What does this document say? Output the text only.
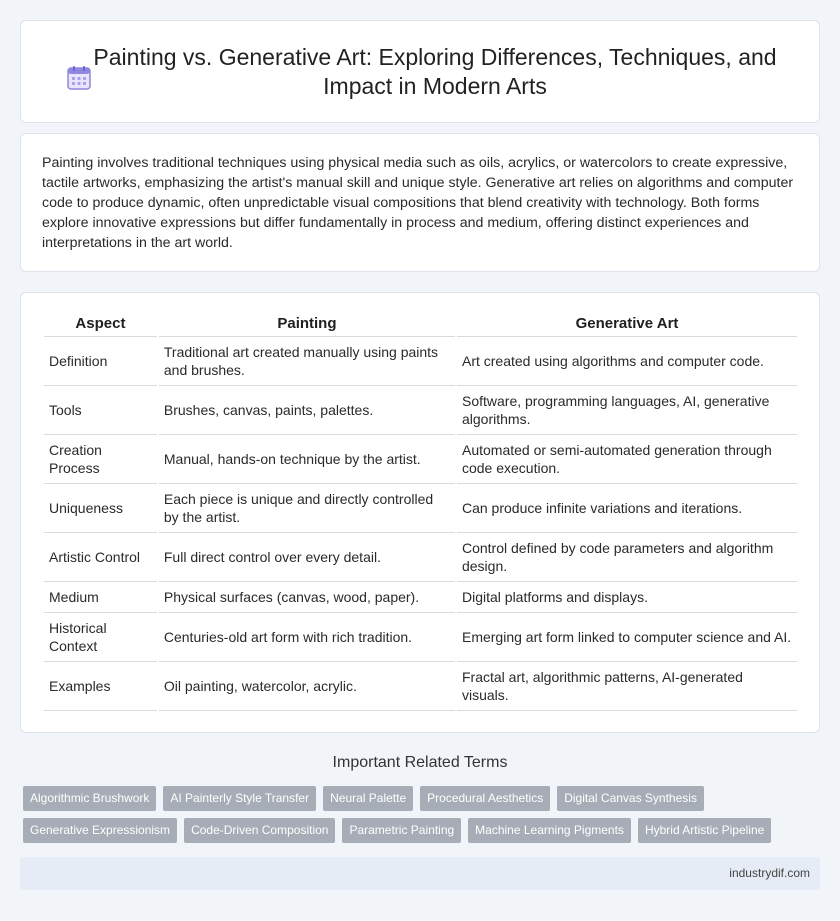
Painting vs. Generative Art: Exploring Differences, Techniques, and Impact in Modern Arts

Painting involves traditional techniques using physical media such as oils, acrylics, or watercolors to create expressive, tactile artworks, emphasizing the artist's manual skill and unique style. Generative art relies on algorithms and computer code to produce dynamic, often unpredictable visual compositions that blend creativity with technology. Both forms explore innovative expressions but differ fundamentally in process and medium, offering distinct experiences and interpretations in the art world.

Aspect	Painting	Generative Art
Definition	Traditional art created manually using paints and brushes.	Art created using algorithms and computer code.
Tools	Brushes, canvas, paints, palettes.	Software, programming languages, AI, generative algorithms.
Creation Process	Manual, hands-on technique by the artist.	Automated or semi-automated generation through code execution.
Uniqueness	Each piece is unique and directly controlled by the artist.	Can produce infinite variations and iterations.
Artistic Control	Full direct control over every detail.	Control defined by code parameters and algorithm design.
Medium	Physical surfaces (canvas, wood, paper).	Digital platforms and displays.
Historical Context	Centuries-old art form with rich tradition.	Emerging art form linked to computer science and AI.
Examples	Oil painting, watercolor, acrylic.	Fractal art, algorithmic patterns, AI-generated visuals.
Important Related Terms
Algorithmic Brushwork	AI Painterly Style Transfer	Neural Palette	Procedural Aesthetics	Digital Canvas Synthesis
Generative Expressionism	Code-Driven Composition	Parametric Painting	Machine Learning Pigments	Hybrid Artistic Pipeline
industrydif.com
